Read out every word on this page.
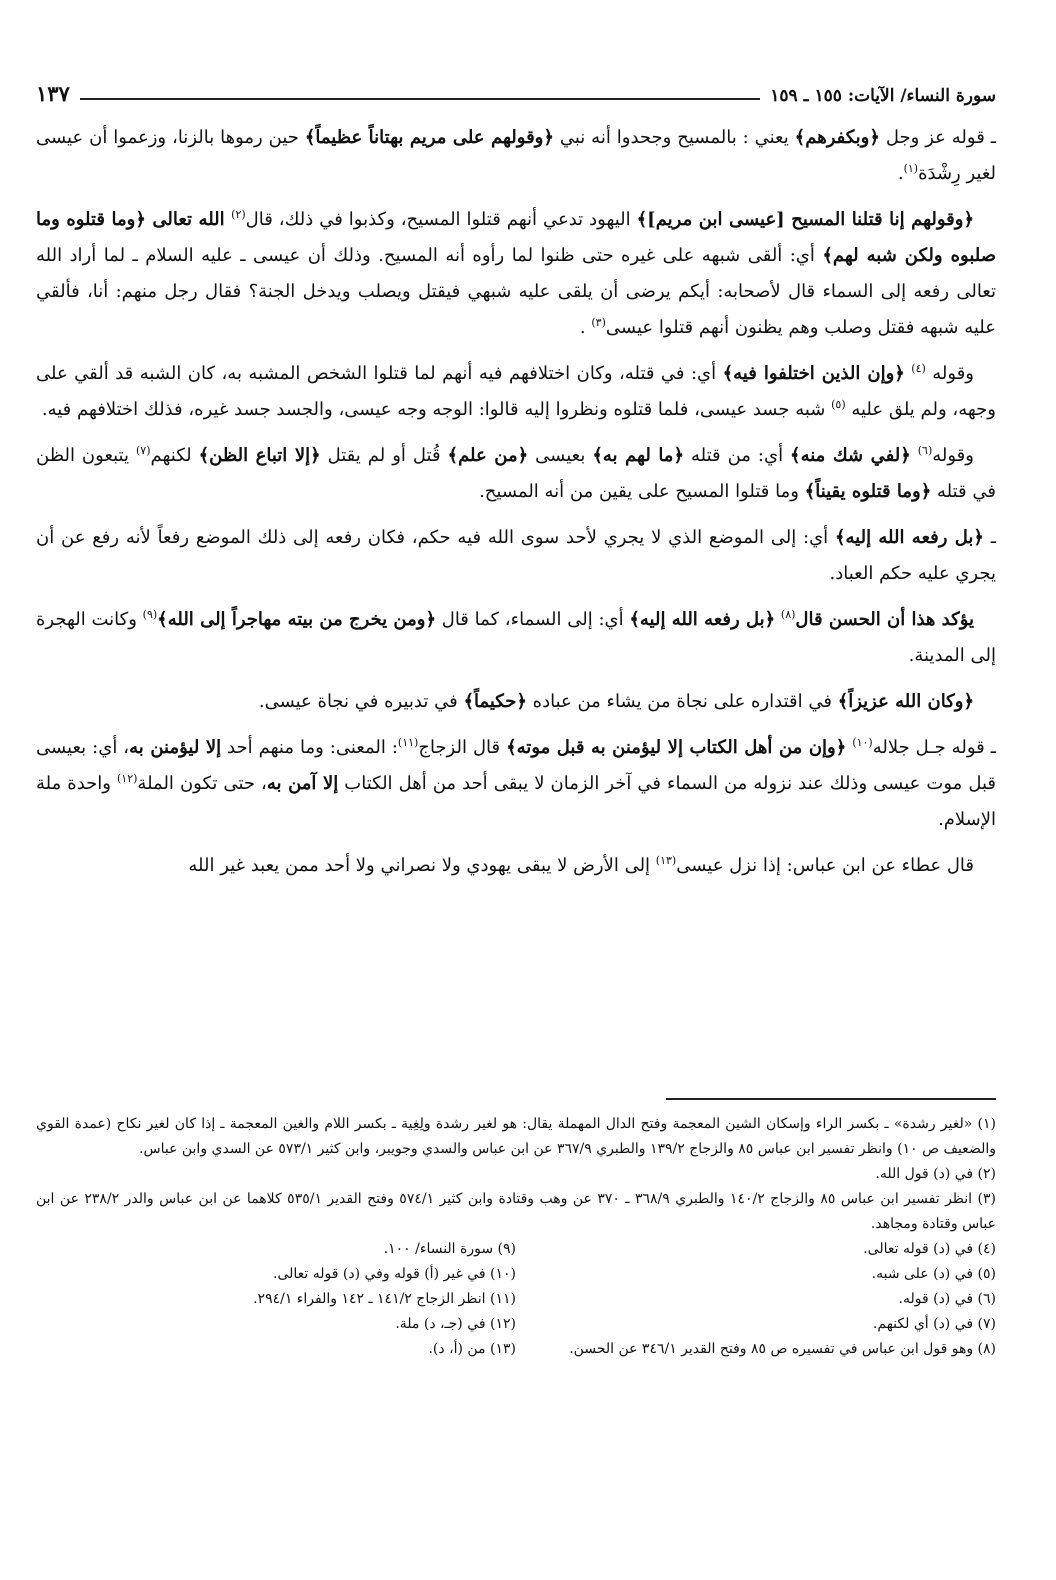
سورة النساء/ الآيات: ١٥٥ ـ ١٥٩
١٣٧

ـ قوله عز وجل ﴿وبكفرهم﴾ يعني : بالمسيح وجحدوا أنه نبي ﴿وقولهم على مريم بهتاناً عظيماً﴾ حين رموها بالزنا، وزعموا أن عيسى لغير رِشْدَة$^{(١)}$.

﴿وقولهم إنا قتلنا المسيح [عيسى ابن مريم]﴾ اليهود تدعي أنهم قتلوا المسيح، وكذبوا في ذلك، قال$^{(٢)}$ الله تعالى ﴿وما قتلوه وما صلبوه ولكن شبه لهم﴾ أي: ألقى شبهه على غيره حتى ظنوا لما رأوه أنه المسيح. وذلك أن عيسى ـ عليه السلام ـ لما أراد الله تعالى رفعه إلى السماء قال لأصحابه: أيكم يرضى أن يلقى عليه شبهي فيقتل ويصلب ويدخل الجنة؟ فقال رجل منهم: أنا، فألقي عليه شبهه فقتل وصلب وهم يظنون أنهم قتلوا عيسى$^{(٣)}$ .

وقوله $^{(٤)}$ ﴿وإن الذين اختلفوا فيه﴾ أي: في قتله، وكان اختلافهم فيه أنهم لما قتلوا الشخص المشبه به، كان الشبه قد ألقي على وجهه، ولم يلق عليه $^{(٥)}$ شبه جسد عيسى، فلما قتلوه ونظروا إليه قالوا: الوجه وجه عيسى، والجسد جسد غيره، فذلك اختلافهم فيه.

وقوله$^{(٦)}$ ﴿لفي شك منه﴾ أي: من قتله ﴿ما لهم به﴾ بعيسى ﴿من علم﴾ قُتل أو لم يقتل ﴿إلا اتباع الظن﴾ لكنهم$^{(٧)}$ يتبعون الظن في قتله ﴿وما قتلوه يقيناً﴾ وما قتلوا المسيح على يقين من أنه المسيح.

ـ ﴿بل رفعه الله إليه﴾ أي: إلى الموضع الذي لا يجري لأحد سوى الله فيه حكم، فكان رفعه إلى ذلك الموضع رفعاً لأنه رفع عن أن يجري عليه حكم العباد.

يؤكد هذا أن الحسن قال$^{(٨)}$ ﴿بل رفعه الله إليه﴾ أي: إلى السماء، كما قال ﴿ومن يخرج من بيته مهاجراً إلى الله﴾$^{(٩)}$ وكانت الهجرة إلى المدينة.

﴿وكان الله عزيزاً﴾ في اقتداره على نجاة من يشاء من عباده ﴿حكيماً﴾ في تدبيره في نجاة عيسى.

ـ قوله جـل جلاله$^{(١٠)}$ ﴿وإن من أهل الكتاب إلا ليؤمنن به قبل موته﴾ قال الزجاج$^{(١١)}$: المعنى: وما منهم أحد إلا ليؤمنن به، أي: بعيسى قبل موت عيسى وذلك عند نزوله من السماء في آخر الزمان لا يبقى أحد من أهل الكتاب إلا آمن به، حتى تكون الملة$^{(١٢)}$ واحدة ملة الإسلام.

قال عطاء عن ابن عباس: إذا نزل عيسى$^{(١٣)}$ إلى الأرض لا يبقى يهودي ولا نصراني ولا أحد ممن يعبد غير الله

(١) «لغير رشدة» ـ بكسر الراء وإسكان الشين المعجمة وفتح الدال المهملة يقال: هو لغير رشدة ولِغِية ـ بكسر اللام والغين المعجمة ـ إذا كان لغير نكاح (عمدة القوي والضعيف ص ١٠) وانظر تفسير ابن عباس ٨٥ والزجاج ١٣٩/٢ والطبري ٣٦٧/٩ عن ابن عباس والسدي وجويبر، وابن كثير ٥٧٣/١ عن السدي وابن عباس.

(٢) في (د) قول الله.

(٣) انظر تفسير ابن عباس ٨٥ والزجاج ١٤٠/٢ والطبري ٣٦٨/٩ ـ ٣٧٠ عن وهب وقتادة وابن كثير ٥٧٤/١ وفتح القدير ٥٣٥/١ كلاهما عن ابن عباس والدر ٢٣٨/٢ عن ابن عباس وقتادة ومجاهد.

(٤) في (د) قوله تعالى.

(٥) في (د) على شبه.

(٦) في (د) قوله.

(٧) في (د) أي لكنهم.

(٨) وهو قول ابن عباس في تفسيره ص ٨٥ وفتح القدير ٣٤٦/١ عن الحسن.

(٩) سورة النساء/ ١٠٠.

(١٠) في غير (أ) قوله وفي (د) قوله تعالى.

(١١) انظر الزجاج ١٤١/٢ ـ ١٤٢ والفراء ٢٩٤/١.

(١٢) في (جـ، د) ملة.

(١٣) من (أ، د).
